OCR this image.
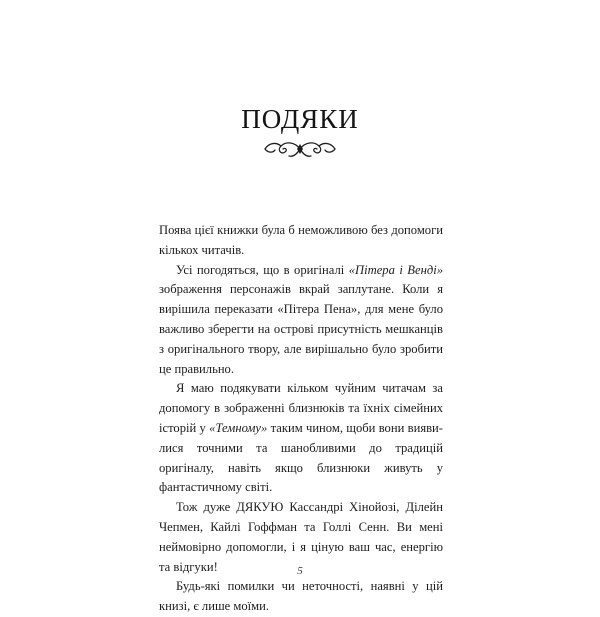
ПОДЯКИ

Поява цієї книжки була б неможливою без допомоги кількох читачів.

Усі погодяться, що в оригіналі «Пітера і Венді» зображення персонажів вкрай заплутане. Коли я вирішила переказати «Пітера Пена», для мене було важливо зберегти на острові присутність мешканців з оригінального твору, але вирішально було зробити це правильно.

Я маю подякувати кільком чуйним читачам за допомогу в зображенні близнюків та їхніх сімейних історій у «Темному» таким чином, щоби вони виявилися точними та шанобливими до традицій оригіналу, навіть якщо близнюки живуть у фантастичному світі.

Тож дуже ДЯКУЮ Кассандрі Хінойозі, Ділейн Чепмен, Кайлі Гоффман та Голлі Сенн. Ви мені неймовірно допомогли, і я ціную ваш час, енергію та відгуки!

Будь-які помилки чи неточності, наявні у цій книзі, є лише моїми.

5
